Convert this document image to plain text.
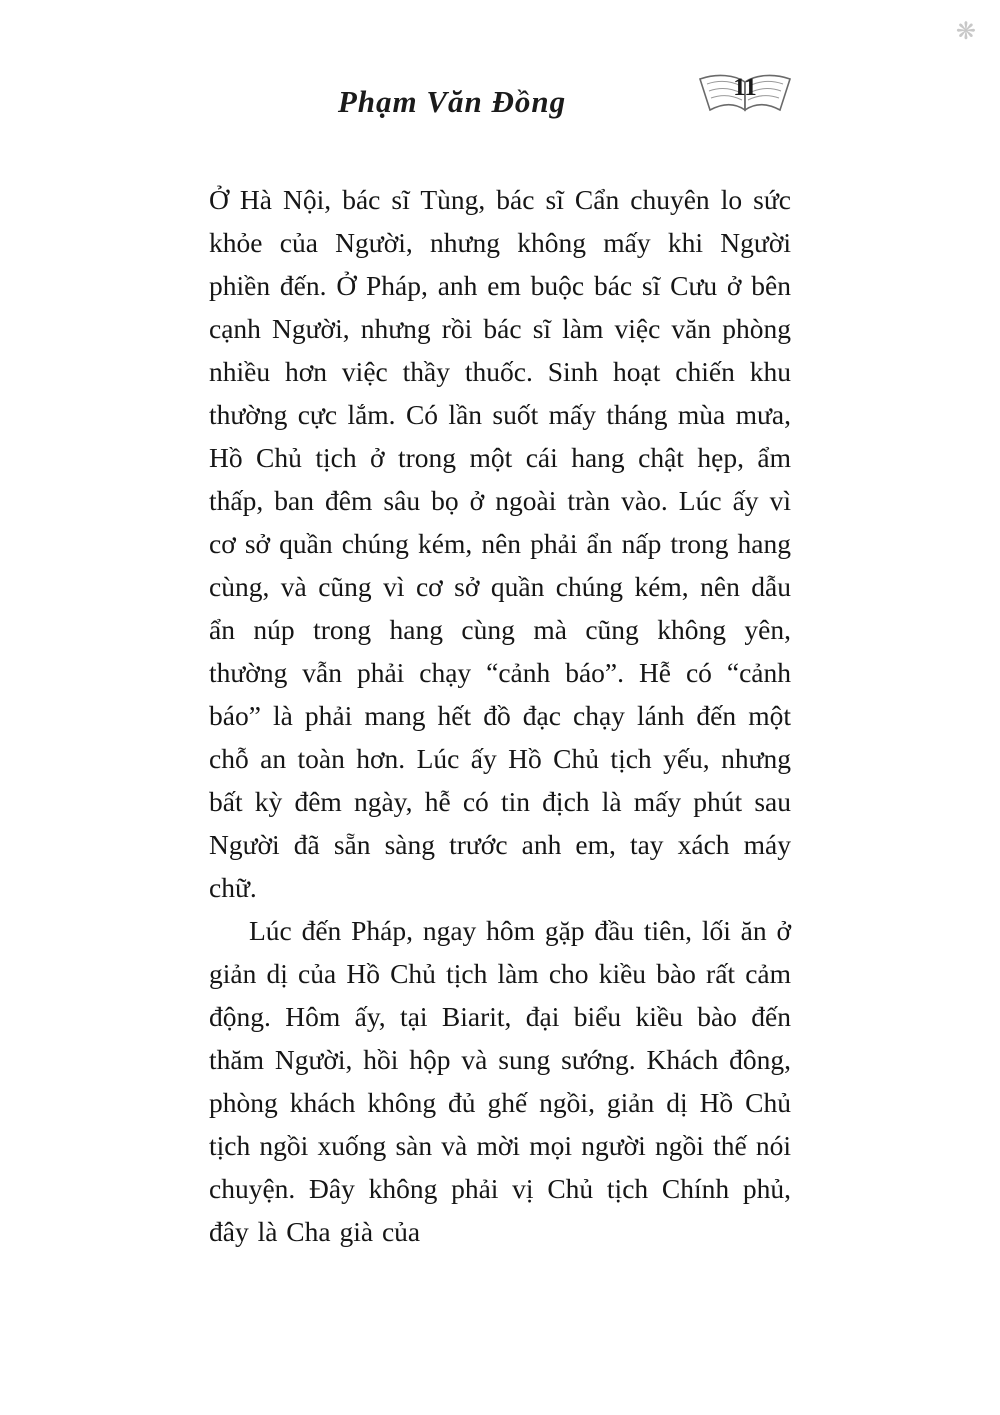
❋
Phạm Văn Đồng	11

Ở Hà Nội, bác sĩ Tùng, bác sĩ Cẩn chuyên lo sức khỏe của Người, nhưng không mấy khi Người phiền đến. Ở Pháp, anh em buộc bác sĩ Cưu ở bên cạnh Người, nhưng rồi bác sĩ làm việc văn phòng nhiều hơn việc thầy thuốc. Sinh hoạt chiến khu thường cực lắm. Có lần suốt mấy tháng mùa mưa, Hồ Chủ tịch ở trong một cái hang chật hẹp, ẩm thấp, ban đêm sâu bọ ở ngoài tràn vào. Lúc ấy vì cơ sở quần chúng kém, nên phải ẩn nấp trong hang cùng, và cũng vì cơ sở quần chúng kém, nên dẫu ẩn núp trong hang cùng mà cũng không yên, thường vẫn phải chạy “cảnh báo”. Hễ có “cảnh báo” là phải mang hết đồ đạc chạy lánh đến một chỗ an toàn hơn. Lúc ấy Hồ Chủ tịch yếu, nhưng bất kỳ đêm ngày, hễ có tin địch là mấy phút sau Người đã sẵn sàng trước anh em, tay xách máy chữ.

Lúc đến Pháp, ngay hôm gặp đầu tiên, lối ăn ở giản dị của Hồ Chủ tịch làm cho kiều bào rất cảm động. Hôm ấy, tại Biarit, đại biểu kiều bào đến thăm Người, hồi hộp và sung sướng. Khách đông, phòng khách không đủ ghế ngồi, giản dị Hồ Chủ tịch ngồi xuống sàn và mời mọi người ngồi thế nói chuyện. Đây không phải vị Chủ tịch Chính phủ, đây là Cha già của
